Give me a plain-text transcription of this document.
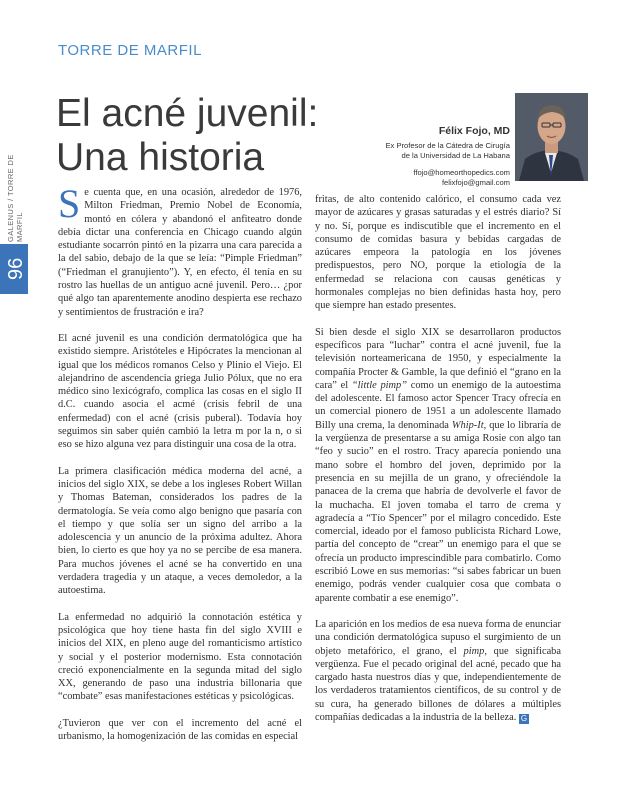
TORRE DE MARFIL
GALENUS / TORRE DE MARFIL
96
El acné juvenil:
Una historia
Félix Fojo, MD
Ex Profesor de la Cátedra de Cirugía
de la Universidad de La Habana
ffojo@homeorthopedics.com
felixfojo@gmail.com

Se cuenta que, en una ocasión, alrededor de 1976, Milton Friedman, Premio Nobel de Economía, montó en cólera y abandonó el anfiteatro donde debía dictar una conferencia en Chicago cuando algún estudiante socarrón pintó en la pizarra una cara parecida a la del sabio, debajo de la que se leía: “Pimple Friedman” (“Friedman el granujiento”). Y, en efecto, él tenía en su rostro las huellas de un antiguo acné juvenil. Pero… ¿por qué algo tan aparentemente anodino despierta ese rechazo y sentimientos de frustración e ira?

El acné juvenil es una condición dermatológica que ha existido siempre. Aristóteles e Hipócrates la mencionan al igual que los médicos romanos Celso y Plinio el Viejo. El alejandrino de ascendencia griega Julio Pólux, que no era médico sino lexicógrafo, complica las cosas en el siglo II d.C. cuando asocia el acmé (crisis febril de una enfermedad) con el acné (crisis puberal). Todavía hoy seguimos sin saber quién cambió la letra m por la n, o si eso se hizo alguna vez para distinguir una cosa de la otra.

La primera clasificación médica moderna del acné, a inicios del siglo XIX, se debe a los ingleses Robert Willan y Thomas Bateman, considerados los padres de la dermatología. Se veía como algo benigno que pasaría con el tiempo y que solía ser un signo del arribo a la adolescencia y un anuncio de la próxima adultez. Ahora bien, lo cierto es que hoy ya no se percibe de esa manera. Para muchos jóvenes el acné se ha convertido en una verdadera tragedia y un ataque, a veces demoledor, a la autoestima.

La enfermedad no adquirió la connotación estética y psicológica que hoy tiene hasta fin del siglo XVIII e inicios del XIX, en pleno auge del romanticismo artístico y social y el posterior modernismo. Esta connotación creció exponencialmente en la segunda mitad del siglo XX, generando de paso una industria billonaria que “combate” esas manifestaciones estéticas y psicológicas.

¿Tuvieron que ver con el incremento del acné el urbanismo, la homogenización de las comidas en especial

fritas, de alto contenido calórico, el consumo cada vez mayor de azúcares y grasas saturadas y el estrés diario? Sí y no. Sí, porque es indiscutible que el incremento en el consumo de comidas basura y bebidas cargadas de azúcares empeora la patología en los jóvenes predispuestos, pero NO, porque la etiología de la enfermedad se relaciona con causas genéticas y hormonales complejas no bien definidas hasta hoy, pero que siempre han estado presentes.

Si bien desde el siglo XIX se desarrollaron productos específicos para “luchar” contra el acné juvenil, fue la televisión norteamericana de 1950, y especialmente la compañía Procter & Gamble, la que definió el “grano en la cara” el “little pimp” como un enemigo de la autoestima del adolescente. El famoso actor Spencer Tracy ofrecía en un comercial pionero de 1951 a un adolescente llamado Billy una crema, la denominada Whip-It, que lo libraría de la vergüenza de presentarse a su amiga Rosie con algo tan “feo y sucio” en el rostro. Tracy aparecía poniendo una mano sobre el hombro del joven, deprimido por la presencia en su mejilla de un grano, y ofreciéndole la panacea de la crema que habría de devolverle el favor de la muchacha. El joven tomaba el tarro de crema y agradecía a “Tío Spencer” por el milagro concedido. Este comercial, ideado por el famoso publicista Richard Lowe, partía del concepto de “crear” un enemigo para el que se ofrecía un producto imprescindible para combatirlo. Como escribió Lowe en sus memorias: “si sabes fabricar un buen enemigo, podrás vender cualquier cosa que combata o aparente combatir a ese enemigo”.

La aparición en los medios de esa nueva forma de enunciar una condición dermatológica supuso el surgimiento de un objeto metafórico, el grano, el pimp, que significaba vergüenza. Fue el pecado original del acné, pecado que ha cargado hasta nuestros días y que, independientemente de los verdaderos tratamientos científicos, de su control y de su cura, ha generado billones de dólares a múltiples compañías dedicadas a la industria de la belleza. G
